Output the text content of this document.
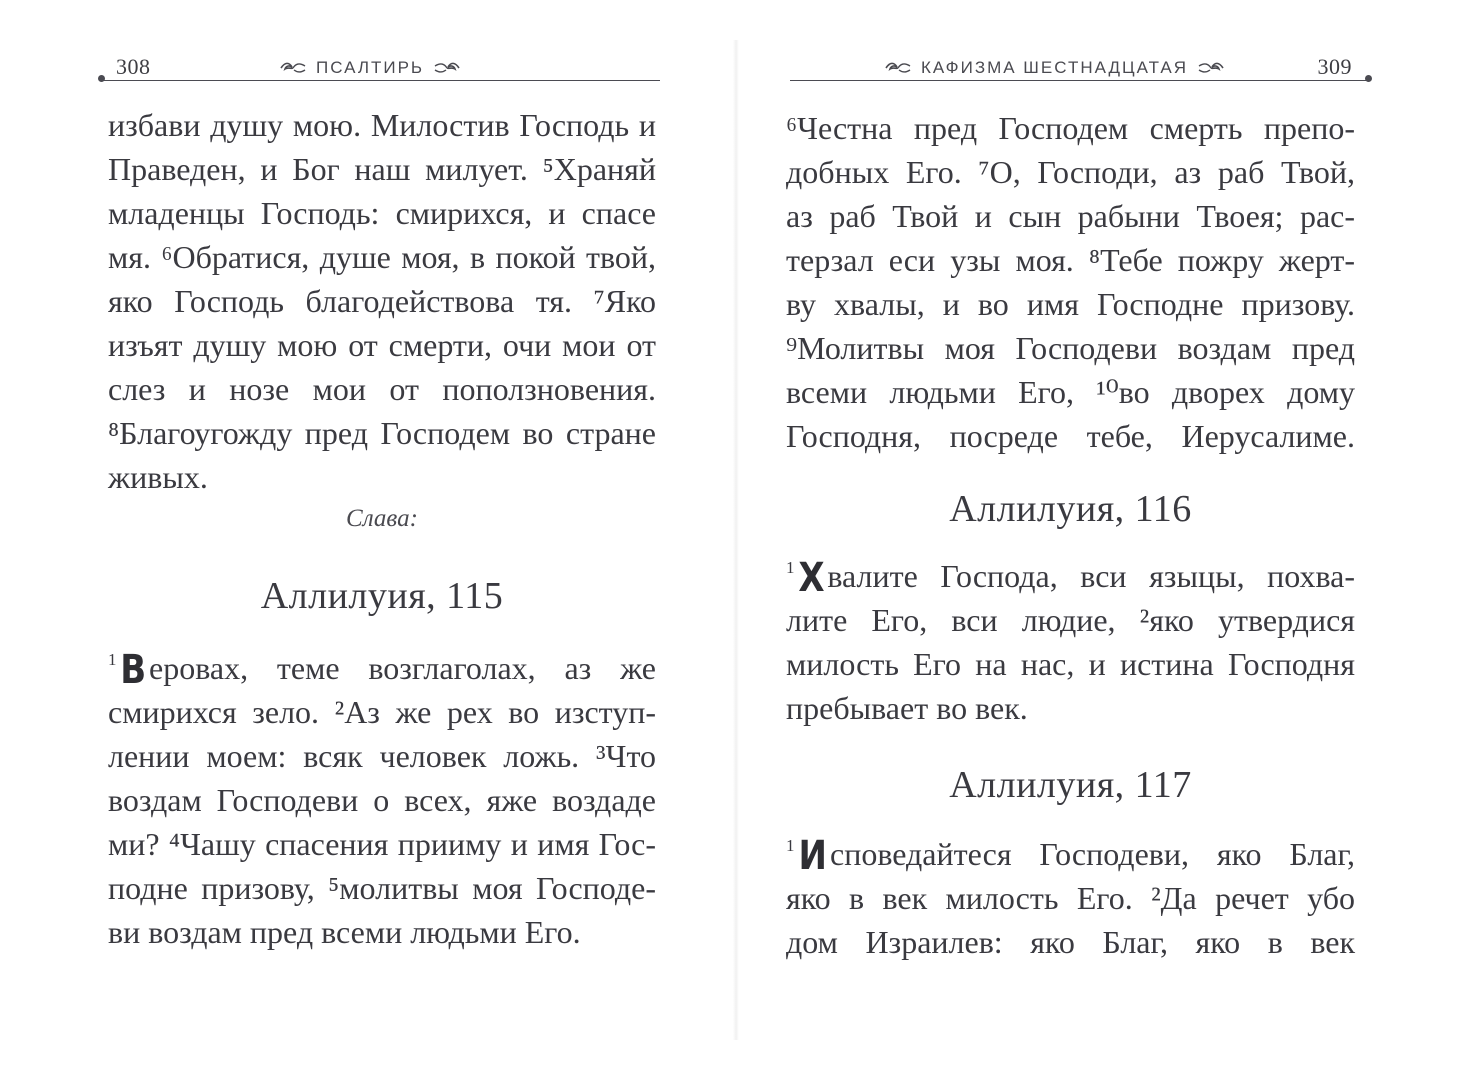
308	ПСАЛТИРЬ
избави душу мою. Милостив Господь и
Праведен, и Бог наш милует. ⁵Храняй
младенцы Господь: смирихся, и спасе
мя. ⁶Обратися, душе моя, в покой твой,
яко Господь благодействова тя. ⁷Яко
изъят душу мою от смерти, очи мои от
слез и нозе мои от поползновения.
⁸Благоугожду пред Господем во стране
живых.
Слава:
Аллилуия, 115
$^1$В еровах, теме возглаголах, аз же
смирихся зело. ²Аз же рех во изступ-
лении моем: всяк человек ложь. ³Что
воздам Господеви о всех, яже воздаде
ми? ⁴Чашу спасения прииму и имя Гос-
подне призову, ⁵молитвы моя Господе-
ви воздам пред всеми людьми Его.
КАФИЗМА ШЕСТНАДЦАТАЯ	309
⁶Честна пред Господем смерть препо-
добных Его. ⁷О, Господи, аз раб Твой,
аз раб Твой и сын рабыни Твоея; рас-
терзал еси узы моя. ⁸Тебе пожру жерт-
ву хвалы, и во имя Господне призову.
⁹Молитвы моя Господеви воздам пред
всеми людьми Его, ¹⁰во дворех дому
Господня, посреде тебе, Иерусалиме.
Аллилуия, 116
$^1$Х валите Господа, вси языцы, похва-
лите Его, вси людие, ²яко утвердися
милость Его на нас, и истина Господня
пребывает во век.
Аллилуия, 117
$^1$И споведайтеся Господеви, яко Благ,
яко в век милость Его. ²Да речет убо
дом Израилев: яко Благ, яко в век
